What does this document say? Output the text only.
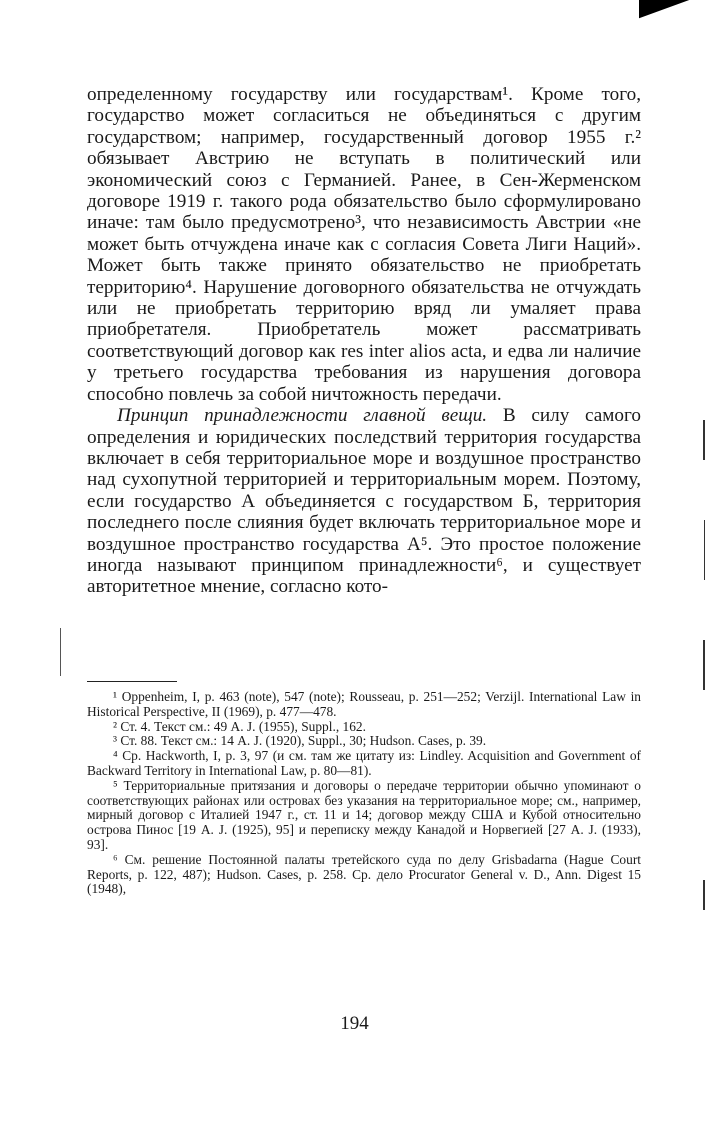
определенному государству или государствам¹. Кроме того, государство может согласиться не объединяться с другим государством; например, государственный договор 1955 г.² обязывает Австрию не вступать в политический или экономический союз с Германией. Ранее, в Сен-Жерменском договоре 1919 г. такого рода обязательство было сформулировано иначе: там было предусмотрено³, что независимость Австрии «не может быть отчуждена иначе как с согласия Совета Лиги Наций». Может быть также принято обязательство не приобретать территорию⁴. Нарушение договорного обязательства не отчуждать или не приобретать территорию вряд ли умаляет права приобретателя. Приобретатель может рассматривать соответствующий договор как res inter alios acta, и едва ли наличие у третьего государства требования из нарушения договора способно повлечь за собой ничтожность передачи.

Принцип принадлежности главной вещи. В силу самого определения и юридических последствий территория государства включает в себя территориальное море и воздушное пространство над сухопутной территорией и территориальным морем. Поэтому, если государство А объединяется с государством Б, территория последнего после слияния будет включать территориальное море и воздушное пространство государства А⁵. Это простое положение иногда называют принципом принадлежности⁶, и существует авторитетное мнение, согласно кото-

¹ Oppenheim, I, p. 463 (note), 547 (note); Rousseau, p. 251—252; Verzijl. International Law in Historical Perspective, II (1969), p. 477—478.

² Ст. 4. Текст см.: 49 A. J. (1955), Suppl., 162.

³ Ст. 88. Текст см.: 14 A. J. (1920), Suppl., 30; Hudson. Cases, p. 39.

⁴ Ср. Hackworth, I, p. 3, 97 (и см. там же цитату из: Lindley. Acquisition and Government of Backward Territory in International Law, p. 80—81).

⁵ Территориальные притязания и договоры о передаче территории обычно упоминают о соответствующих районах или островах без указания на территориальное море; см., например, мирный договор с Италией 1947 г., ст. 11 и 14; договор между США и Кубой относительно острова Пинос [19 A. J. (1925), 95] и переписку между Канадой и Норвегией [27 A. J. (1933), 93].

⁶ См. решение Постоянной палаты третейского суда по делу Grisbadarna (Hague Court Reports, p. 122, 487); Hudson. Cases, p. 258. Ср. дело Procurator General v. D., Ann. Digest 15 (1948),

194
